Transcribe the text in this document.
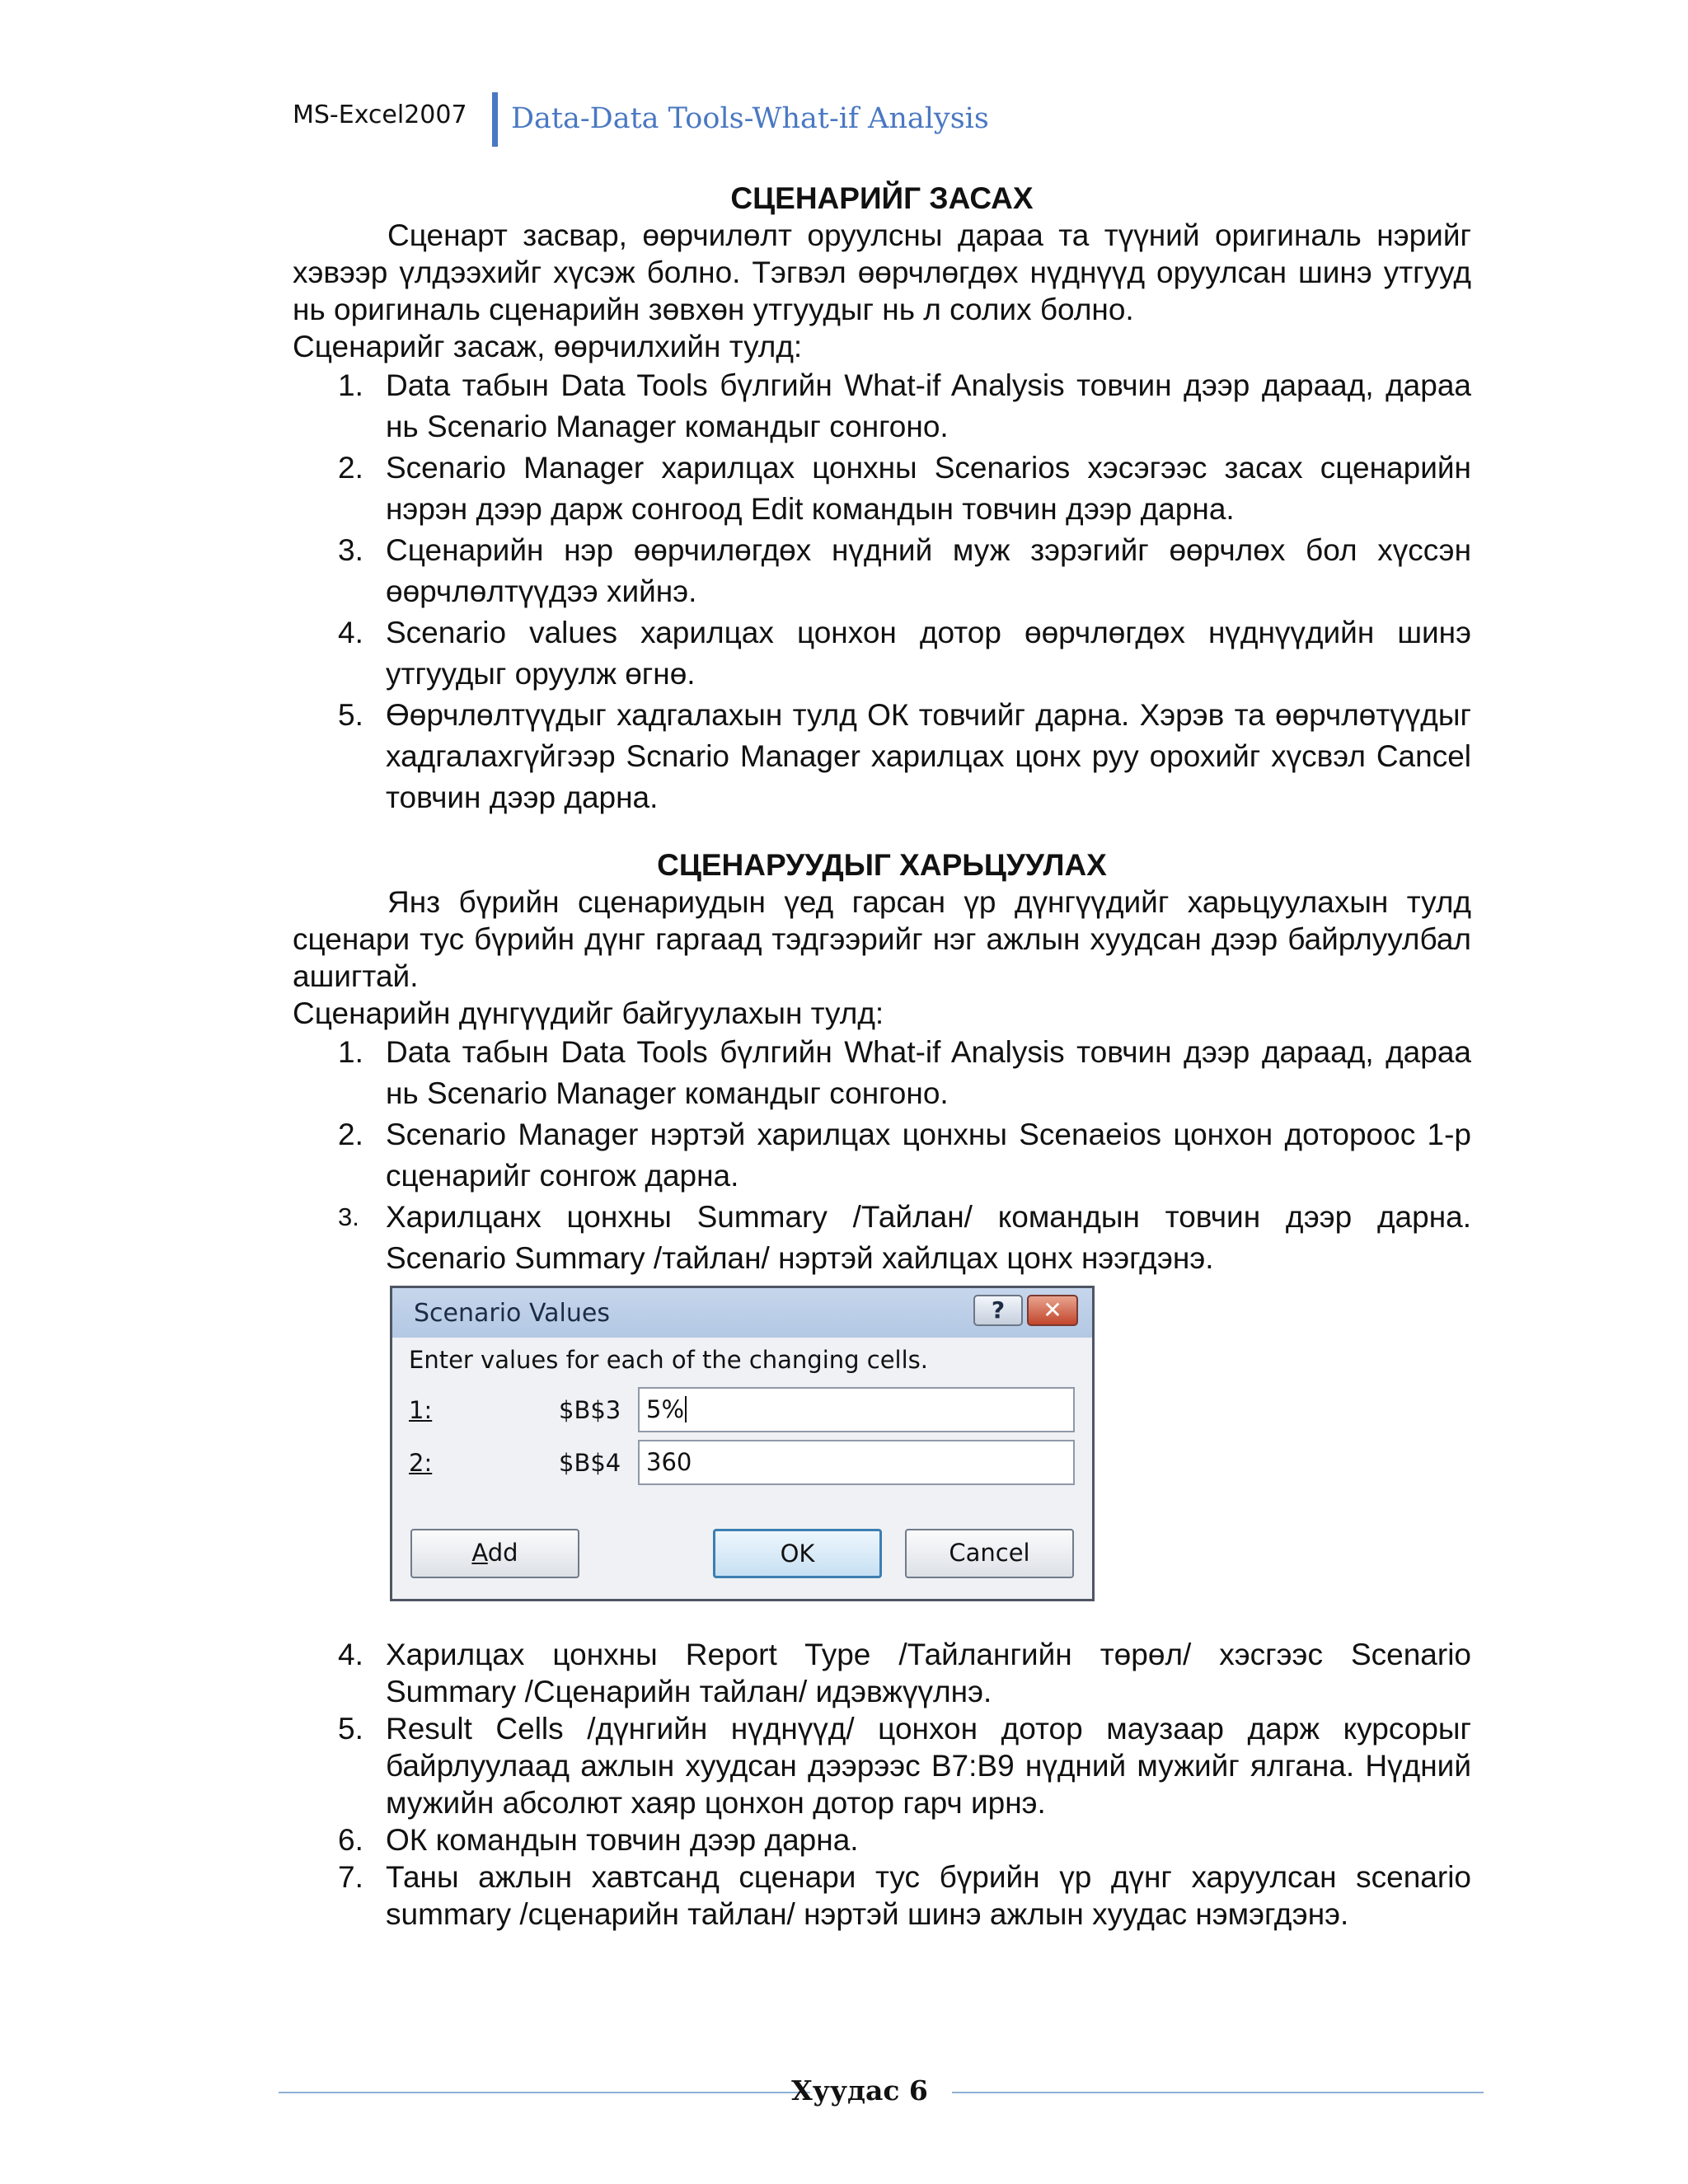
MS-Excel2007 Data-Data Tools-What-if Analysis

СЦЕНАРИЙГ ЗАСАХ

Сценарт засвар, өөрчилөлт оруулсны дараа та түүний оригиналь нэрийг хэвээр үлдээхийг хүсэж болно. Тэгвэл өөрчлөгдөх нүднүүд оруулсан шинэ утгууд нь оригиналь сценарийн зөвхөн утгуудыг нь л солих болно.

Сценарийг засаж, өөрчилхийн тулд:

1. Data табын Data Tools бүлгийн What-if Analysis товчин дээр дараад, дараа нь Scenario Manager командыг сонгоно.
2. Scenario Manager харилцах цонхны Scenarios хэсэгээс засах сценарийн нэрэн дээр дарж сонгоод Edit командын товчин дээр дарна.
3. Сценарийн нэр өөрчилөгдөх нүдний муж зэрэгийг өөрчлөх бол хүссэн өөрчлөлтүүдээ хийнэ.
4. Scenario values харилцах цонхон дотор өөрчлөгдөх нүднүүдийн шинэ утгуудыг оруулж өгнө.
5. Өөрчлөлтүүдыг хадгалахын тулд ОК товчийг дарна. Хэрэв та өөрчлөтүүдыг хадгалахгүйгээр Scnario Manager харилцах цонх руу орохийг хүсвэл Cancel товчин дээр дарна.

СЦЕНАРУУДЫГ ХАРЬЦУУЛАХ

Янз бүрийн сценариудын үед гарсан үр дүнгүүдийг харьцуулахын тулд сценари тус бүрийн дүнг гаргаад тэдгээрийг нэг ажлын хуудсан дээр байрлуулбал ашигтай.

Сценарийн дүнгүүдийг байгуулахын тулд:

1. Data табын Data Tools бүлгийн What-if Analysis товчин дээр дараад, дараа нь Scenario Manager командыг сонгоно.
2. Scenario Manager нэртэй харилцах цонхны Scenaeios цонхон дотороос 1-р сценарийг сонгож дарна.
3. Харилцанх цонхны Summary /Тайлан/ командын товчин дээр дарна. Scenario Summary /тайлан/ нэртэй хайлцах цонх нээгдэнэ.
Scenario Values	?	✕
Enter values for each of the changing cells.
1:	$B$3	5%
2:	$B$4	360
Add	OK	Cancel
4. Харилцах цонхны Report Type /Тайлангийн төрөл/ хэсгээс Scenario Summary /Сценарийн тайлан/ идэвжүүлнэ.
5. Result Cells /дүнгийн нүднүүд/ цонхон дотор маузаар дарж курсорыг байрлуулаад ажлын хуудсан дээрээс B7:B9 нүдний мужийг ялгана. Нүдний мужийн абсолют хаяр цонхон дотор гарч ирнэ.
6. ОК командын товчин дээр дарна.
7. Таны ажлын хавтсанд сценари тус бүрийн үр дүнг харуулсан scenario summary /сценарийн тайлан/ нэртэй шинэ ажлын хуудас нэмэгдэнэ.
Хуудас 6
